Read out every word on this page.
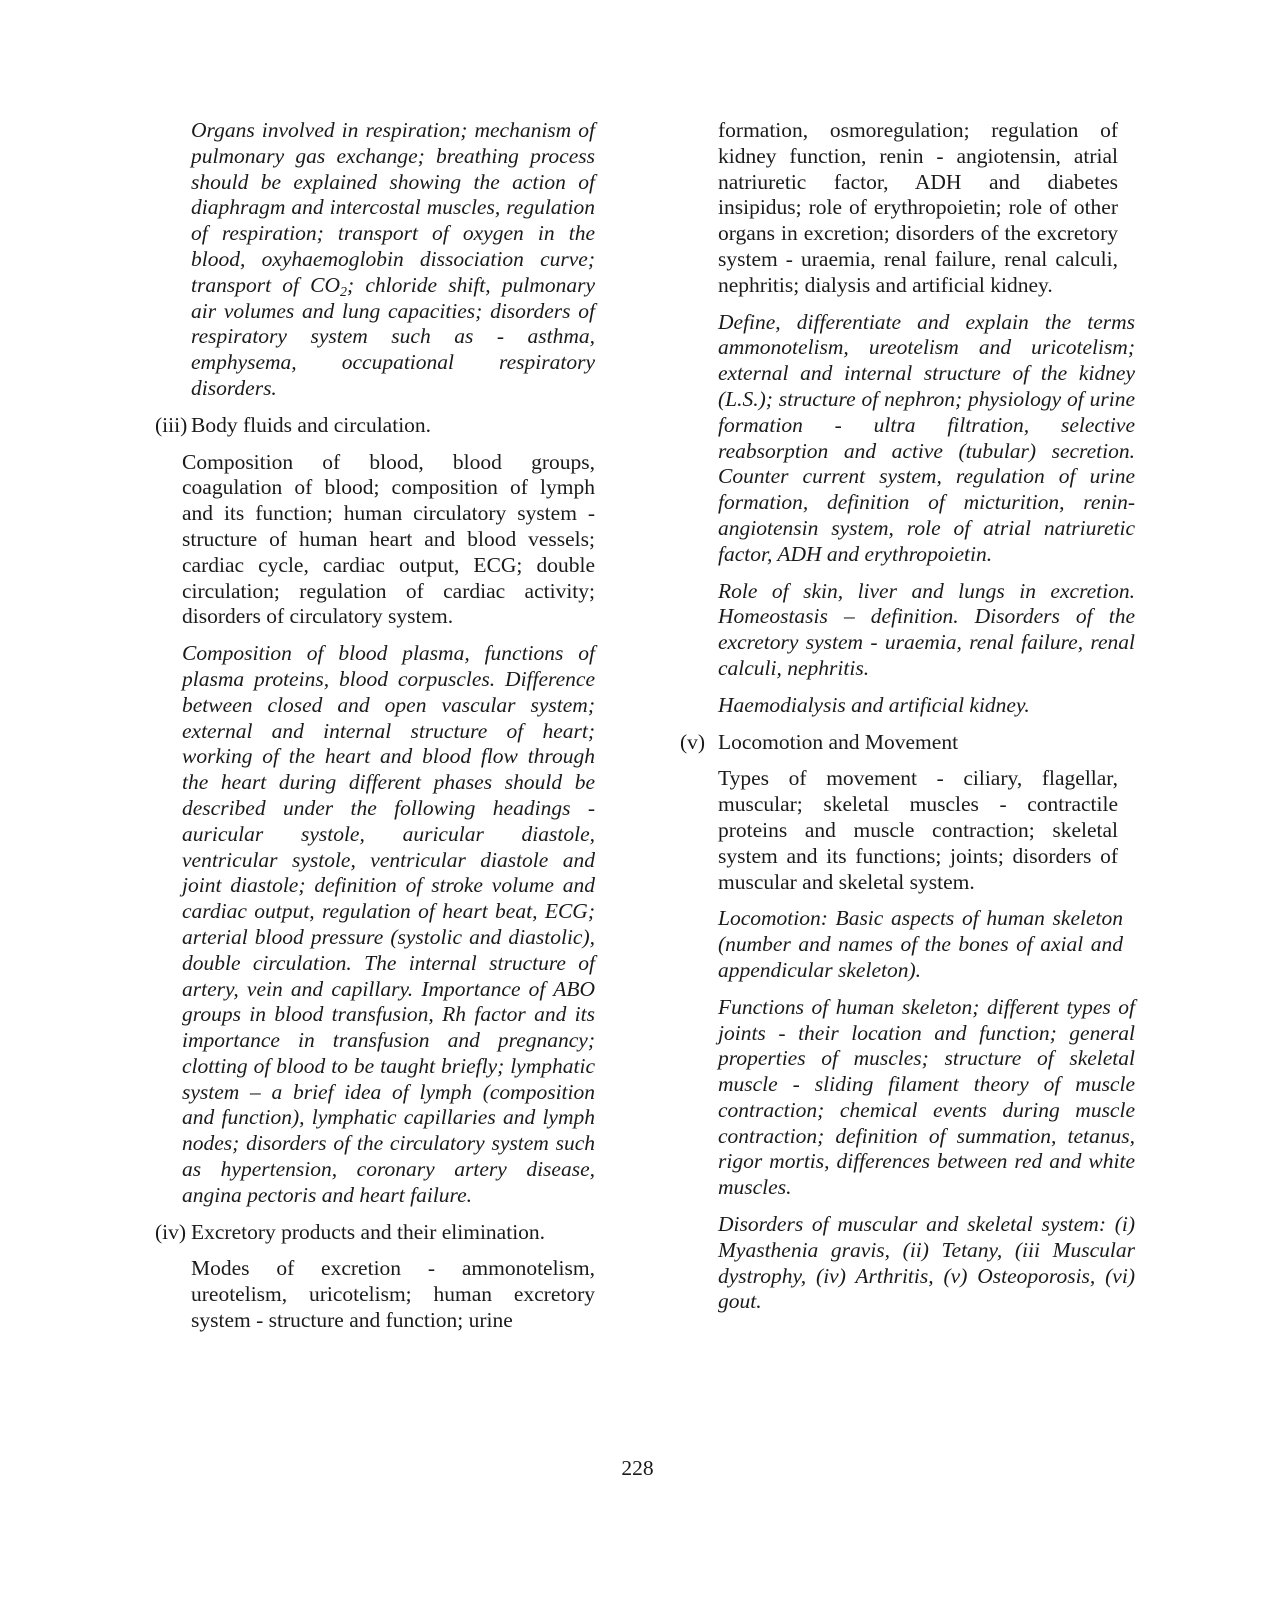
Organs involved in respiration; mechanism of pulmonary gas exchange; breathing process should be explained showing the action of diaphragm and intercostal muscles, regulation of respiration; transport of oxygen in the blood, oxyhaemoglobin dissociation curve; transport of $CO_2$; chloride shift, pulmonary air volumes and lung capacities; disorders of respiratory system such as - asthma, emphysema, occupational respiratory disorders.

(iii) Body fluids and circulation.

Composition of blood, blood groups, coagulation of blood; composition of lymph and its function; human circulatory system - structure of human heart and blood vessels; cardiac cycle, cardiac output, ECG; double circulation; regulation of cardiac activity; disorders of circulatory system.

Composition of blood plasma, functions of plasma proteins, blood corpuscles. Difference between closed and open vascular system; external and internal structure of heart; working of the heart and blood flow through the heart during different phases should be described under the following headings - auricular systole, auricular diastole, ventricular systole, ventricular diastole and joint diastole; definition of stroke volume and cardiac output, regulation of heart beat, ECG; arterial blood pressure (systolic and diastolic), double circulation. The internal structure of artery, vein and capillary. Importance of ABO groups in blood transfusion, Rh factor and its importance in transfusion and pregnancy; clotting of blood to be taught briefly; lymphatic system – a brief idea of lymph (composition and function), lymphatic capillaries and lymph nodes; disorders of the circulatory system such as hypertension, coronary artery disease, angina pectoris and heart failure.

(iv) Excretory products and their elimination.

Modes of excretion - ammonotelism, ureotelism, uricotelism; human excretory system - structure and function; urine

formation, osmoregulation; regulation of kidney function, renin - angiotensin, atrial natriuretic factor, ADH and diabetes insipidus; role of erythropoietin; role of other organs in excretion; disorders of the excretory system - uraemia, renal failure, renal calculi, nephritis; dialysis and artificial kidney.

Define, differentiate and explain the terms ammonotelism, ureotelism and uricotelism; external and internal structure of the kidney (L.S.); structure of nephron; physiology of urine formation - ultra filtration, selective reabsorption and active (tubular) secretion. Counter current system, regulation of urine formation, definition of micturition, renin-angiotensin system, role of atrial natriuretic factor, ADH and erythropoietin.

Role of skin, liver and lungs in excretion. Homeostasis – definition. Disorders of the excretory system - uraemia, renal failure, renal calculi, nephritis.

Haemodialysis and artificial kidney.

(v) Locomotion and Movement

Types of movement - ciliary, flagellar, muscular; skeletal muscles - contractile proteins and muscle contraction; skeletal system and its functions; joints; disorders of muscular and skeletal system.

Locomotion: Basic aspects of human skeleton (number and names of the bones of axial and appendicular skeleton).

Functions of human skeleton; different types of joints - their location and function; general properties of muscles; structure of skeletal muscle - sliding filament theory of muscle contraction; chemical events during muscle contraction; definition of summation, tetanus, rigor mortis, differences between red and white muscles.

Disorders of muscular and skeletal system: (i) Myasthenia gravis, (ii) Tetany, (iii Muscular dystrophy, (iv) Arthritis, (v) Osteoporosis, (vi) gout.

228
